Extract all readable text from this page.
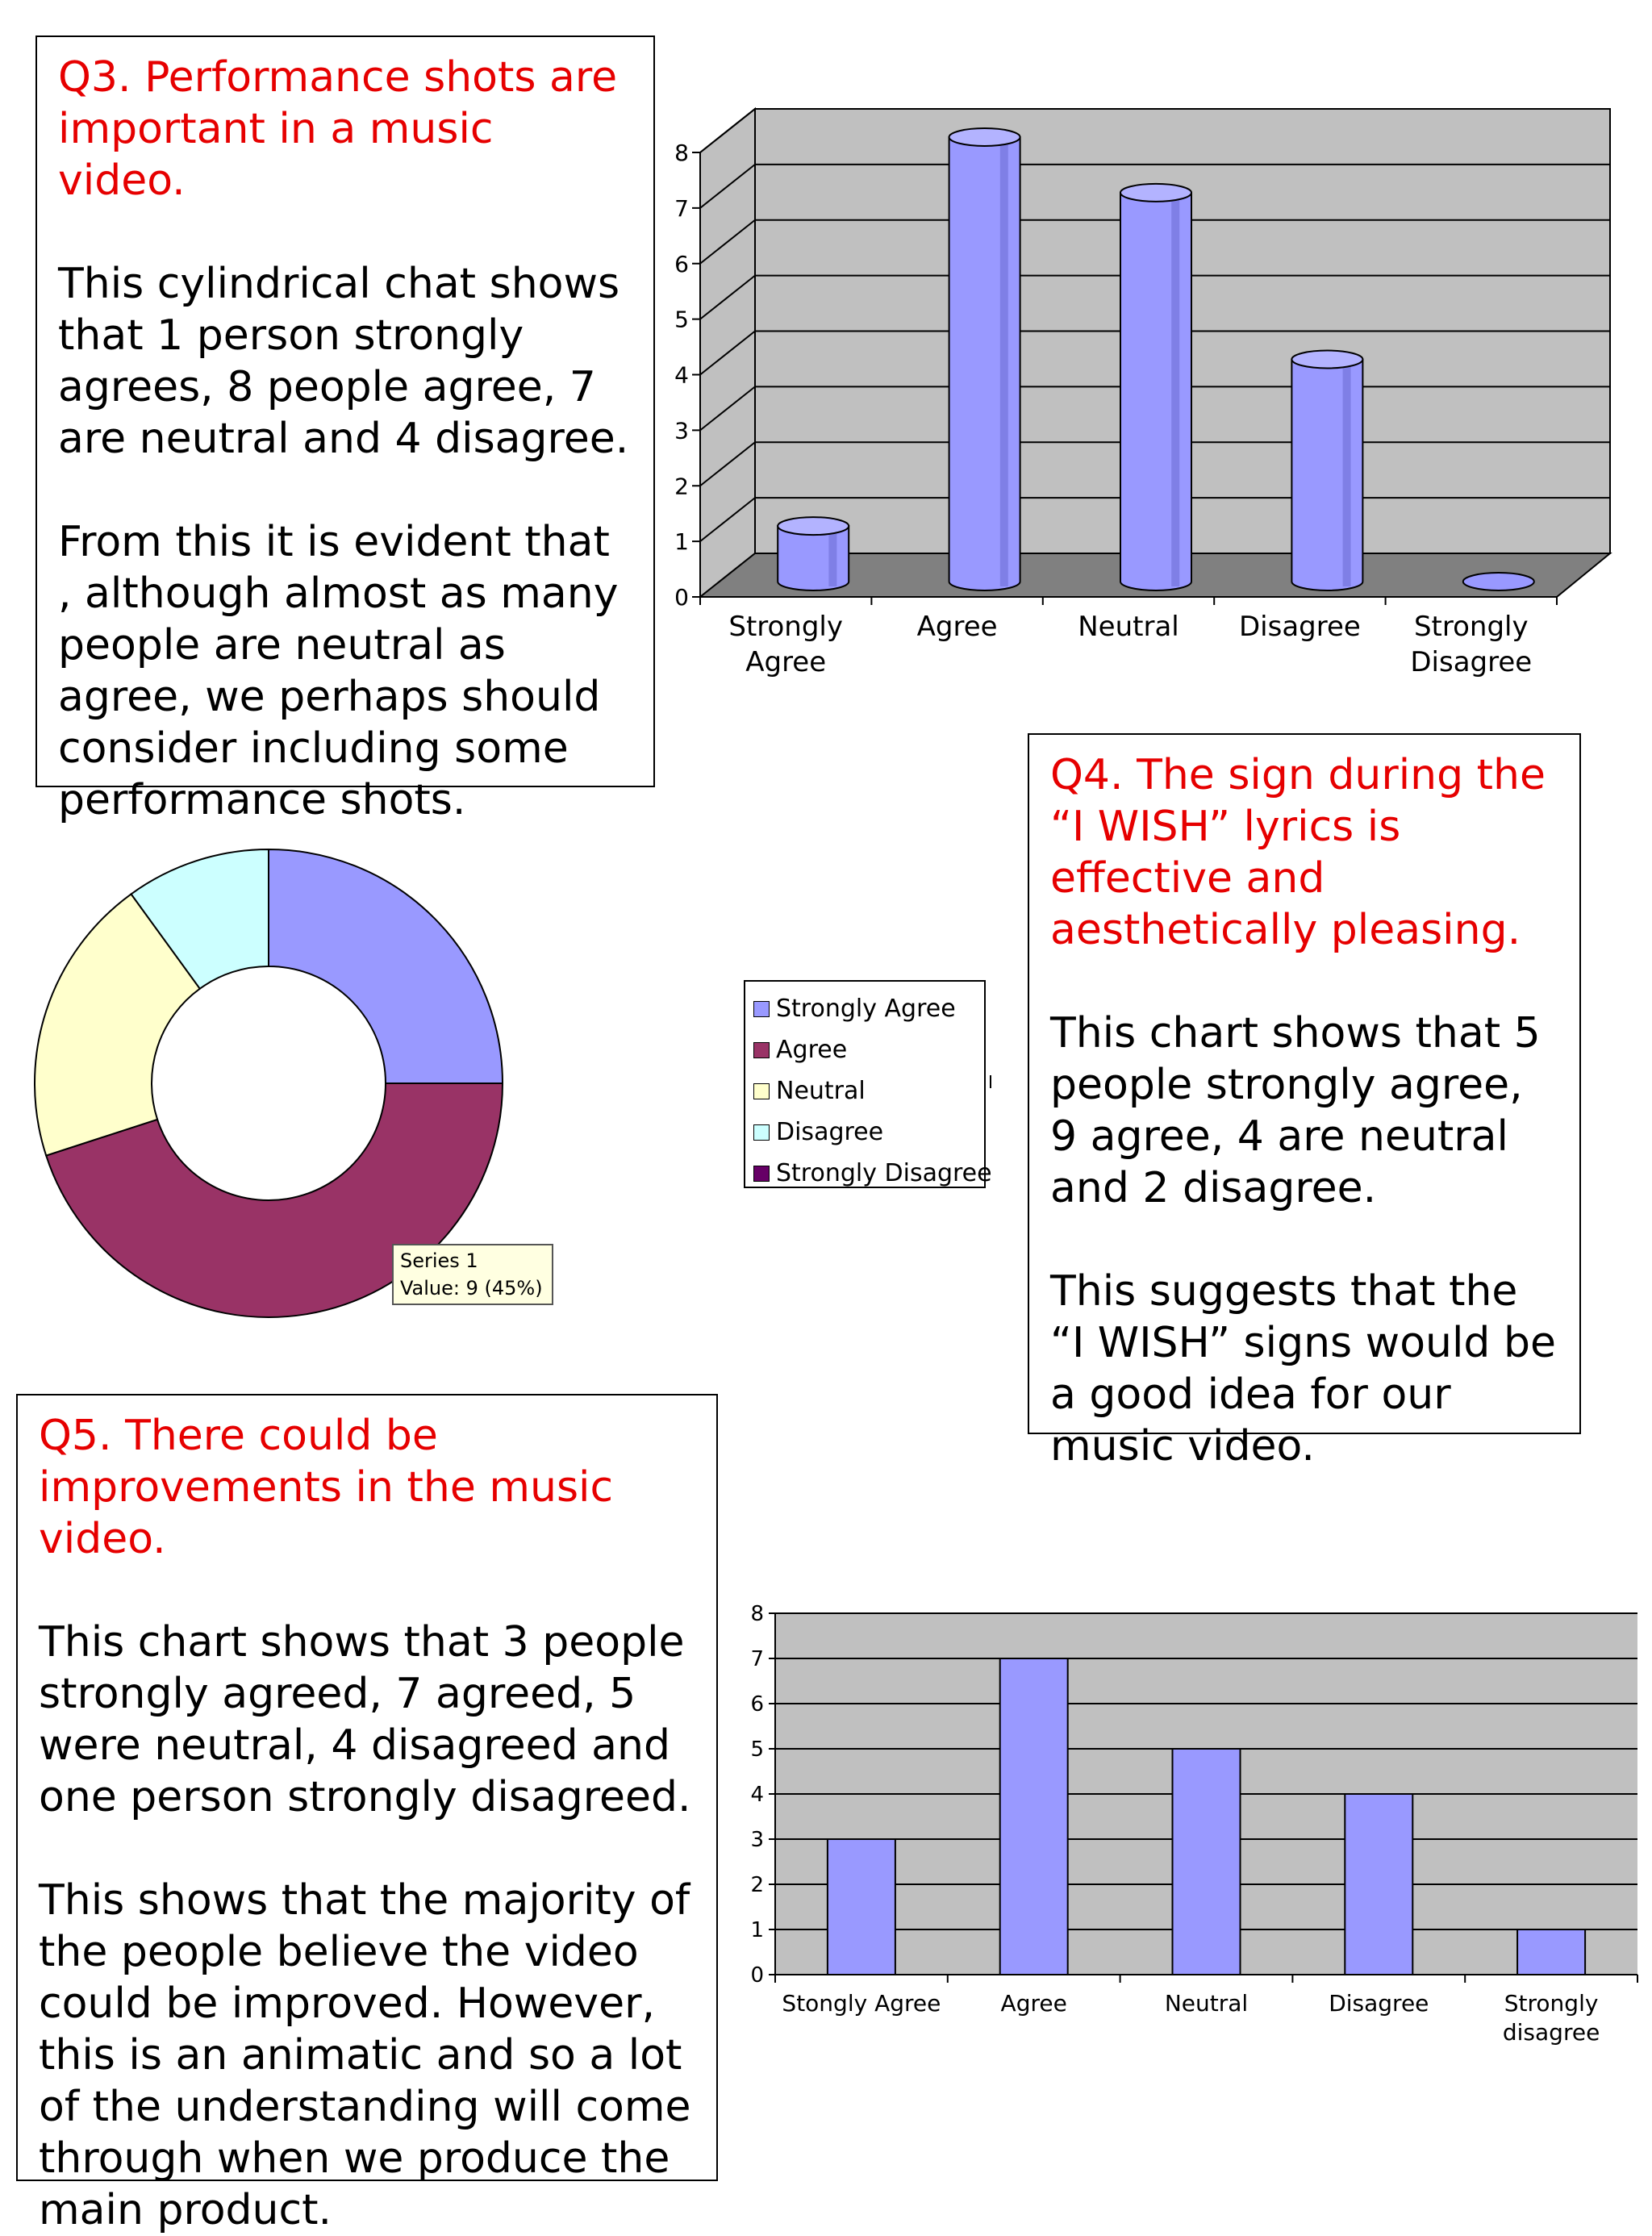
Q3. Performance shots are important in a music video.

This cylindrical chat shows that 1 person strongly agrees, 8 people agree, 7 are neutral and 4 disagree.

From this it is evident that , although almost as many people are neutral as agree, we perhaps should consider including some performance shots.

0
1
2
3
4
5
6
7
8
Strongly
Agree
Agree	Neutral Disagree Strongly
Disagree

Q4. The sign during the “I WISH” lyrics is effective and aesthetically pleasing.

This chart shows that 5 people strongly agree, 9 agree, 4 are neutral and 2 disagree.

This suggests that the “I WISH” signs would be a good idea for our music video.

Strongly Agree
Agree
Neutral
Disagree
Strongly Disagree
Series 1
Value: 9 (45%)

Q5. There could be improvements in the music video.

This chart shows that 3 people strongly agreed, 7 agreed, 5 were neutral, 4 disagreed and one person strongly disagreed.

This shows that the majority of the people believe the video could be improved. However, this is an animatic and so a lot of the understanding will come through when we produce the main product.

0
1
2
3
4
5
6
7
8
Stongly Agree	Agree	Neutral	Disagree	Strongly
disagree
